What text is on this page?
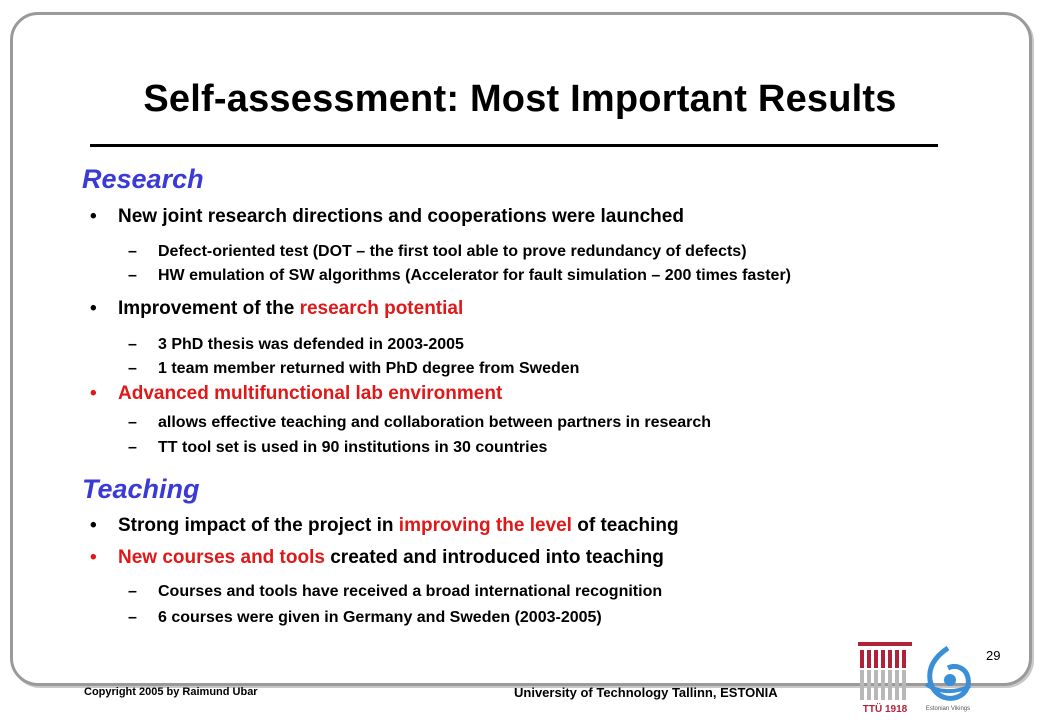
Self-assessment: Most Important Results
Research
• New joint research directions and cooperations were launched
– Defect-oriented test (DOT – the first tool able to prove redundancy of defects)
– HW emulation of SW algorithms (Accelerator for fault simulation – 200 times faster)
• Improvement of the research potential
– 3 PhD thesis was defended in 2003-2005
– 1 team member returned with PhD degree from Sweden
• Advanced multifunctional lab environment
– allows effective teaching and collaboration between partners in research
– TT tool set is used in 90 institutions in 30 countries
Teaching
• Strong impact of the project in improving the level of teaching
• New courses and tools created and introduced into teaching
– Courses and tools have received a broad international recognition
– 6 courses were given in Germany and Sweden (2003-2005)
29
Copyright 2005 by Raimund Ubar	University of Technology Tallinn, ESTONIA
TTÜ 1918	Estonian Vikings
